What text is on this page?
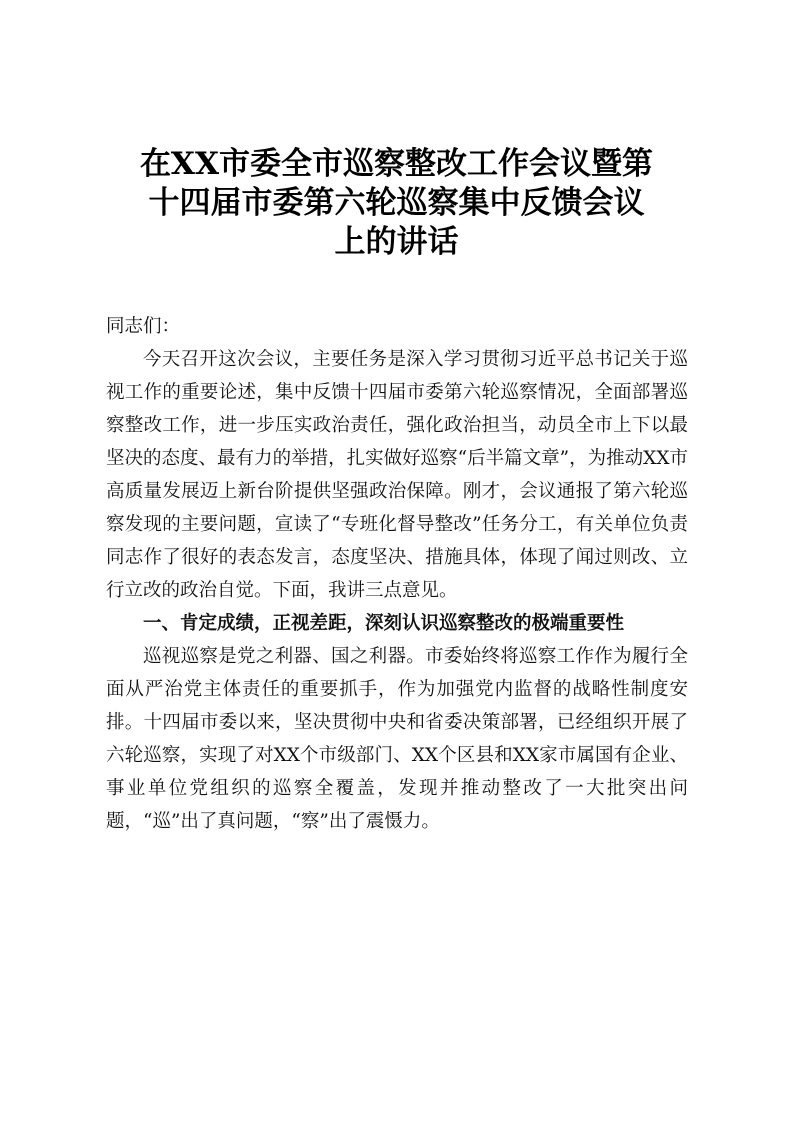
在XX市委全市巡察整改工作会议暨第
十四届市委第六轮巡察集中反馈会议
上的讲话

同志们：

今天召开这次会议，主要任务是深入学习贯彻习近平总书记关于巡视工作的重要论述，集中反馈十四届市委第六轮巡察情况，全面部署巡察整改工作，进一步压实政治责任，强化政治担当，动员全市上下以最坚决的态度、最有力的举措，扎实做好巡察“后半篇文章”，为推动XX市高质量发展迈上新台阶提供坚强政治保障。刚才，会议通报了第六轮巡察发现的主要问题，宣读了“专班化督导整改”任务分工，有关单位负责同志作了很好的表态发言，态度坚决、措施具体，体现了闻过则改、立行立改的政治自觉。下面，我讲三点意见。

一、肯定成绩，正视差距，深刻认识巡察整改的极端重要性

巡视巡察是党之利器、国之利器。市委始终将巡察工作作为履行全面从严治党主体责任的重要抓手，作为加强党内监督的战略性制度安排。十四届市委以来，坚决贯彻中央和省委决策部署，已经组织开展了六轮巡察，实现了对XX个市级部门、XX个区县和XX家市属国有企业、事业单位党组织的巡察全覆盖，发现并推动整改了一大批突出问题，“巡”出了真问题，“察”出了震慑力。
